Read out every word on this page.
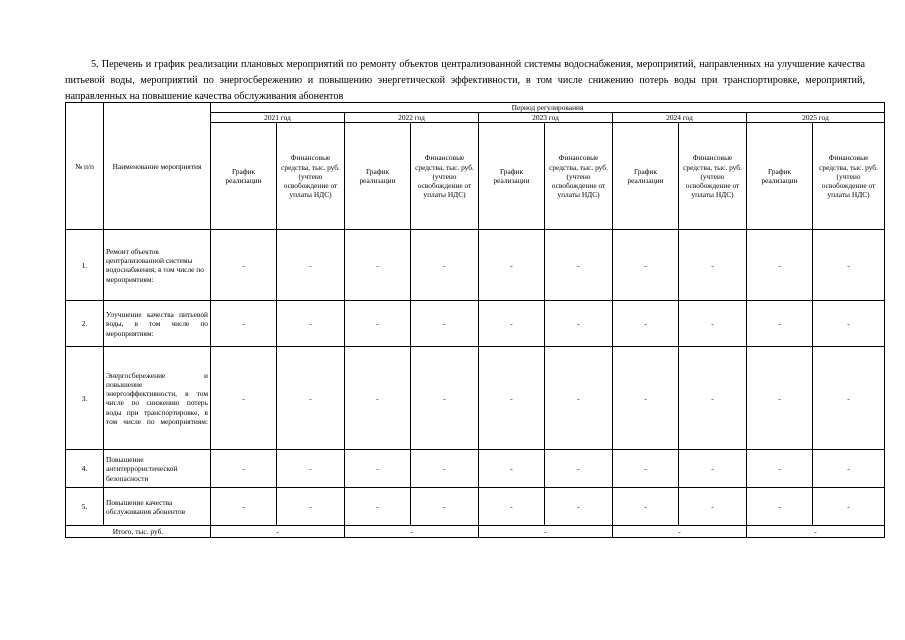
5. Перечень и график реализации плановых мероприятий по ремонту объектов централизованной системы водоснабжения, мероприятий, направленных на улучшение качества питьевой воды, мероприятий по энергосбережению и повышению энергетической эффективности, в том числе снижению потерь воды при транспортировке, мероприятий, направленных на повышение качества обслуживания абонентов

№ п/п	Наименование мероприятия	Период регулирования									
		2021 год		2022 год		2023 год		2024 год		2025 год	
		График реализации	Финансовые средства, тыс. руб. (учтено освобождение от уплаты НДС)	График реализации	Финансовые средства, тыс. руб. (учтено освобождение от уплаты НДС)	График реализации	Финансовые средства, тыс. руб. (учтено освобождение от уплаты НДС)	График реализации	Финансовые средства, тыс. руб. (учтено освобождение от уплаты НДС)	График реализации	Финансовые средства, тыс. руб. (учтено освобождение от уплаты НДС)
1.	Ремонт объектов централизованной системы водоснабжения, в том числе по мероприятиям:	-	-	-	-	-	-	-	-	-	-
2.	Улучшение качества питьевой воды, в том числе по мероприятиям:	-	-	-	-	-	-	-	-	-	-
3.	Энергосбережение и повышение энергоэффективности, в том числе по снижению потерь воды при транспортировке, в том числе по мероприятиям:	-	-	-	-	-	-	-	-	-	-
4.	Повышение антитеррористической безопасности	-	-	-	-	-	-	-	-	-	-
5.	Повышение качества обслуживания абонентов	-	-	-	-	-	-	-	-	-	-
Итого, тыс. руб.		-		-		-		-		-	
